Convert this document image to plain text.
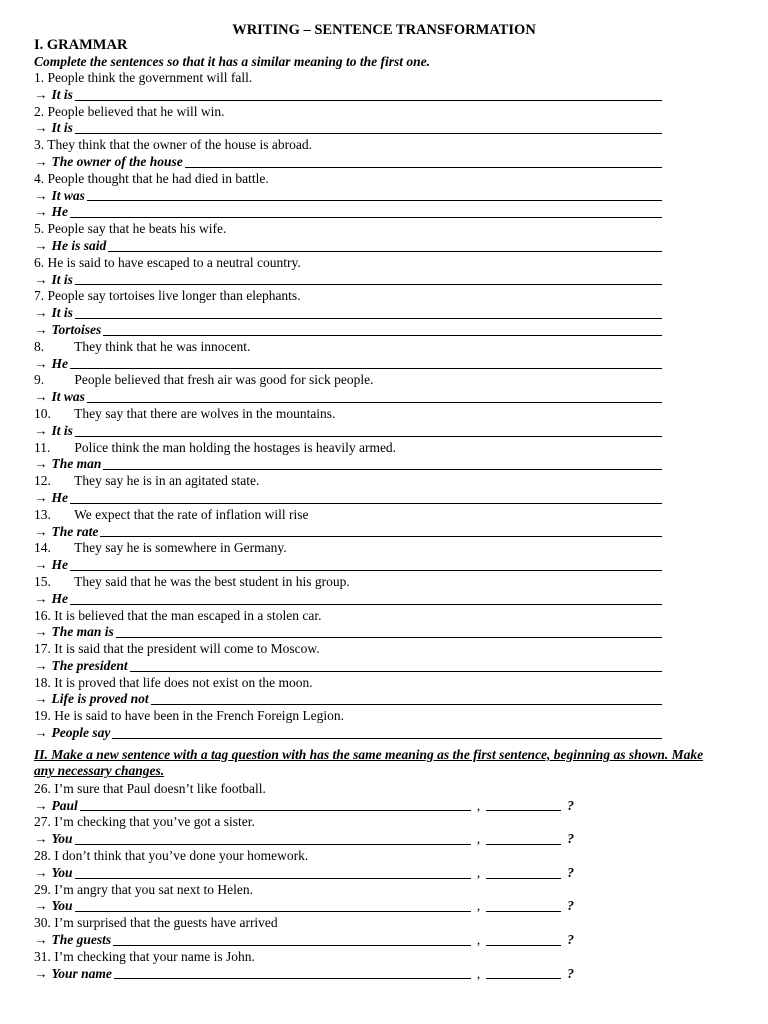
WRITING – SENTENCE TRANSFORMATION
I. GRAMMAR
Complete the sentences so that it has a similar meaning to the first one.
1. People think the government will fall.
→ It is
2. People believed that he will win.
→ It is
3. They think that the owner of the house is abroad.
→ The owner of the house
4. People thought that he had died in battle.
→ It was
→ He
5. People say that he beats his wife.
→ He is said
6. He is said to have escaped to a neutral country.
→ It is
7. People say tortoises live longer than elephants.
→ It is
→ Tortoises
8. They think that he was innocent.
→ He
9. People believed that fresh air was good for sick people.
→ It was
10. They say that there are wolves in the mountains.
→ It is
11. Police think the man holding the hostages is heavily armed.
→ The man
12. They say he is in an agitated state.
→ He
13. We expect that the rate of inflation will rise
→ The rate
14. They say he is somewhere in Germany.
→ He
15. They said that he was the best student in his group.
→ He
16. It is believed that the man escaped in a stolen car.
→ The man is
17. It is said that the president will come to Moscow.
→ The president
18. It is proved that life does not exist on the moon.
→ Life is proved not
19. He is said to have been in the French Foreign Legion.
→ People say
II. Make a new sentence with a tag question with has the same meaning as the first sentence, beginning as shown. Make any necessary changes.
26. I’m sure that Paul doesn’t like football.
→ Paul	,	?
27. I’m checking that you’ve got a sister.
→ You	,	?
28. I don’t think that you’ve done your homework.
→ You	,	?
29. I’m angry that you sat next to Helen.
→ You	,	?
30. I’m surprised that the guests have arrived
→ The guests	,	?
31. I’m checking that your name is John.
→ Your name	,	?
